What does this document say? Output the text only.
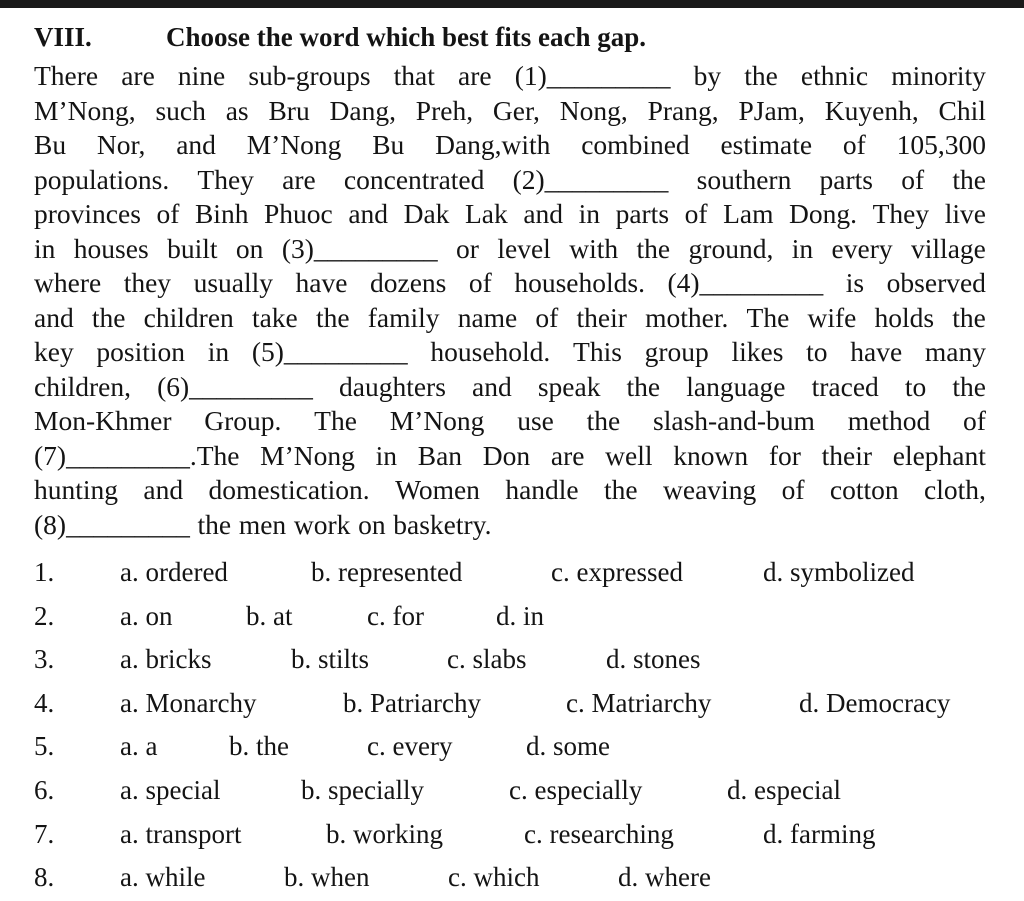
VIII.	Choose the word which best fits each gap.
There are nine sub-groups that are (1)_________ by the ethnic minority
M’Nong, such as Bru Dang, Preh, Ger, Nong, Prang, PJam, Kuyenh, Chil
Bu Nor, and M’Nong Bu Dang,with combined estimate of 105,300
populations. They are concentrated (2)_________ southern parts of the
provinces of Binh Phuoc and Dak Lak and in parts of Lam Dong. They live
in houses built on (3)_________ or level with the ground, in every village
where they usually have dozens of households. (4)_________ is observed
and the children take the family name of their mother. The wife holds the
key position in (5)_________ household. This group likes to have many
children, (6)_________ daughters and speak the language traced to the
Mon-Khmer Group. The M’Nong use the slash-and-bum method of
(7)_________.The M’Nong in Ban Don are well known for their elephant
hunting and domestication. Women handle the weaving of cotton cloth,
(8)_________ the men work on basketry.
1. a. ordered	b. represented	c. expressed	d. symbolized
2. a. on	b. at	c. for	d. in
3. a. bricks	b. stilts	c. slabs	d. stones
4. a. Monarchy	b. Patriarchy	c. Matriarchy	d. Democracy
5. a. a	b. the	c. every	d. some
6. a. special	b. specially	c. especially	d. especial
7. a. transport	b. working	c. researching	d. farming
8. a. while	b. when	c. which	d. where
